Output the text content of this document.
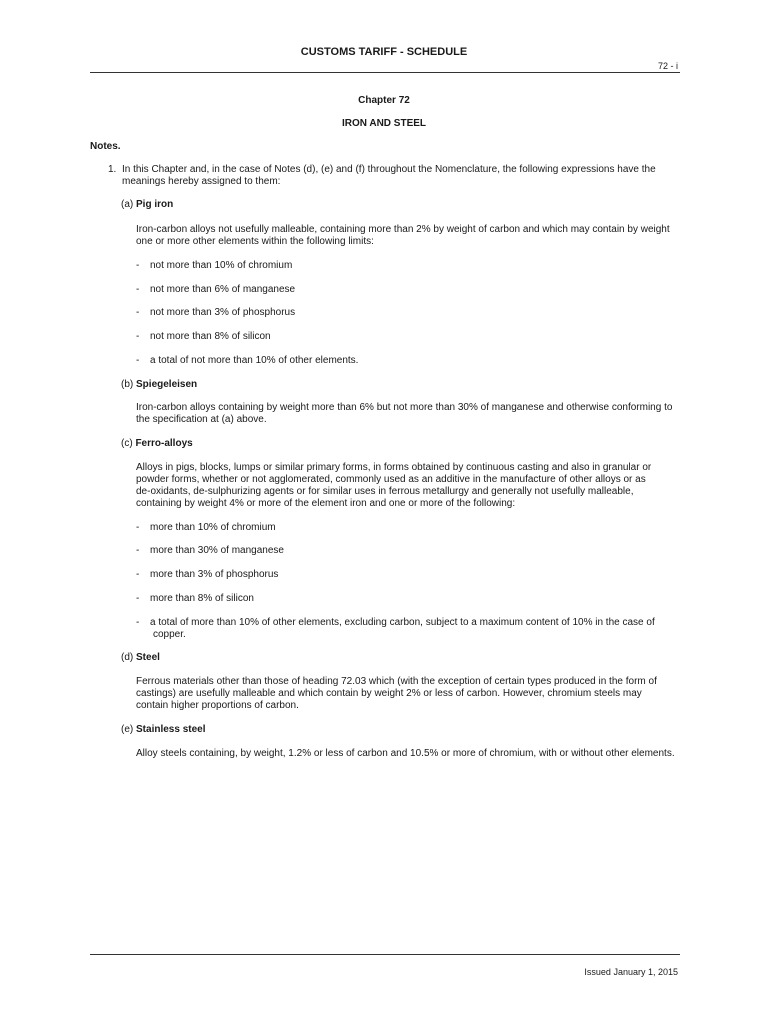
CUSTOMS TARIFF - SCHEDULE
72 - i
Chapter 72
IRON AND STEEL
Notes.
1. In this Chapter and, in the case of Notes (d), (e) and (f) throughout the Nomenclature, the following expressions have the
meanings hereby assigned to them:
(a) Pig iron
Iron-carbon alloys not usefully malleable, containing more than 2% by weight of carbon and which may contain by weight
one or more other elements within the following limits:
-	not more than 10% of chromium
-	not more than 6% of manganese
-	not more than 3% of phosphorus
-	not more than 8% of silicon
-	a total of not more than 10% of other elements.
(b) Spiegeleisen
Iron-carbon alloys containing by weight more than 6% but not more than 30% of manganese and otherwise conforming to
the specification at (a) above.
(c) Ferro-alloys
Alloys in pigs, blocks, lumps or similar primary forms, in forms obtained by continuous casting and also in granular or
powder forms, whether or not agglomerated, commonly used as an additive in the manufacture of other alloys or as
de-oxidants, de-sulphurizing agents or for similar uses in ferrous metallurgy and generally not usefully malleable,
containing by weight 4% or more of the element iron and one or more of the following:
-	more than 10% of chromium
-	more than 30% of manganese
-	more than 3% of phosphorus
-	more than 8% of silicon
-	a total of more than 10% of other elements, excluding carbon, subject to a maximum content of 10% in the case of
copper.
(d) Steel
Ferrous materials other than those of heading 72.03 which (with the exception of certain types produced in the form of
castings) are usefully malleable and which contain by weight 2% or less of carbon. However, chromium steels may
contain higher proportions of carbon.
(e) Stainless steel
Alloy steels containing, by weight, 1.2% or less of carbon and 10.5% or more of chromium, with or without other elements.
Issued January 1, 2015
